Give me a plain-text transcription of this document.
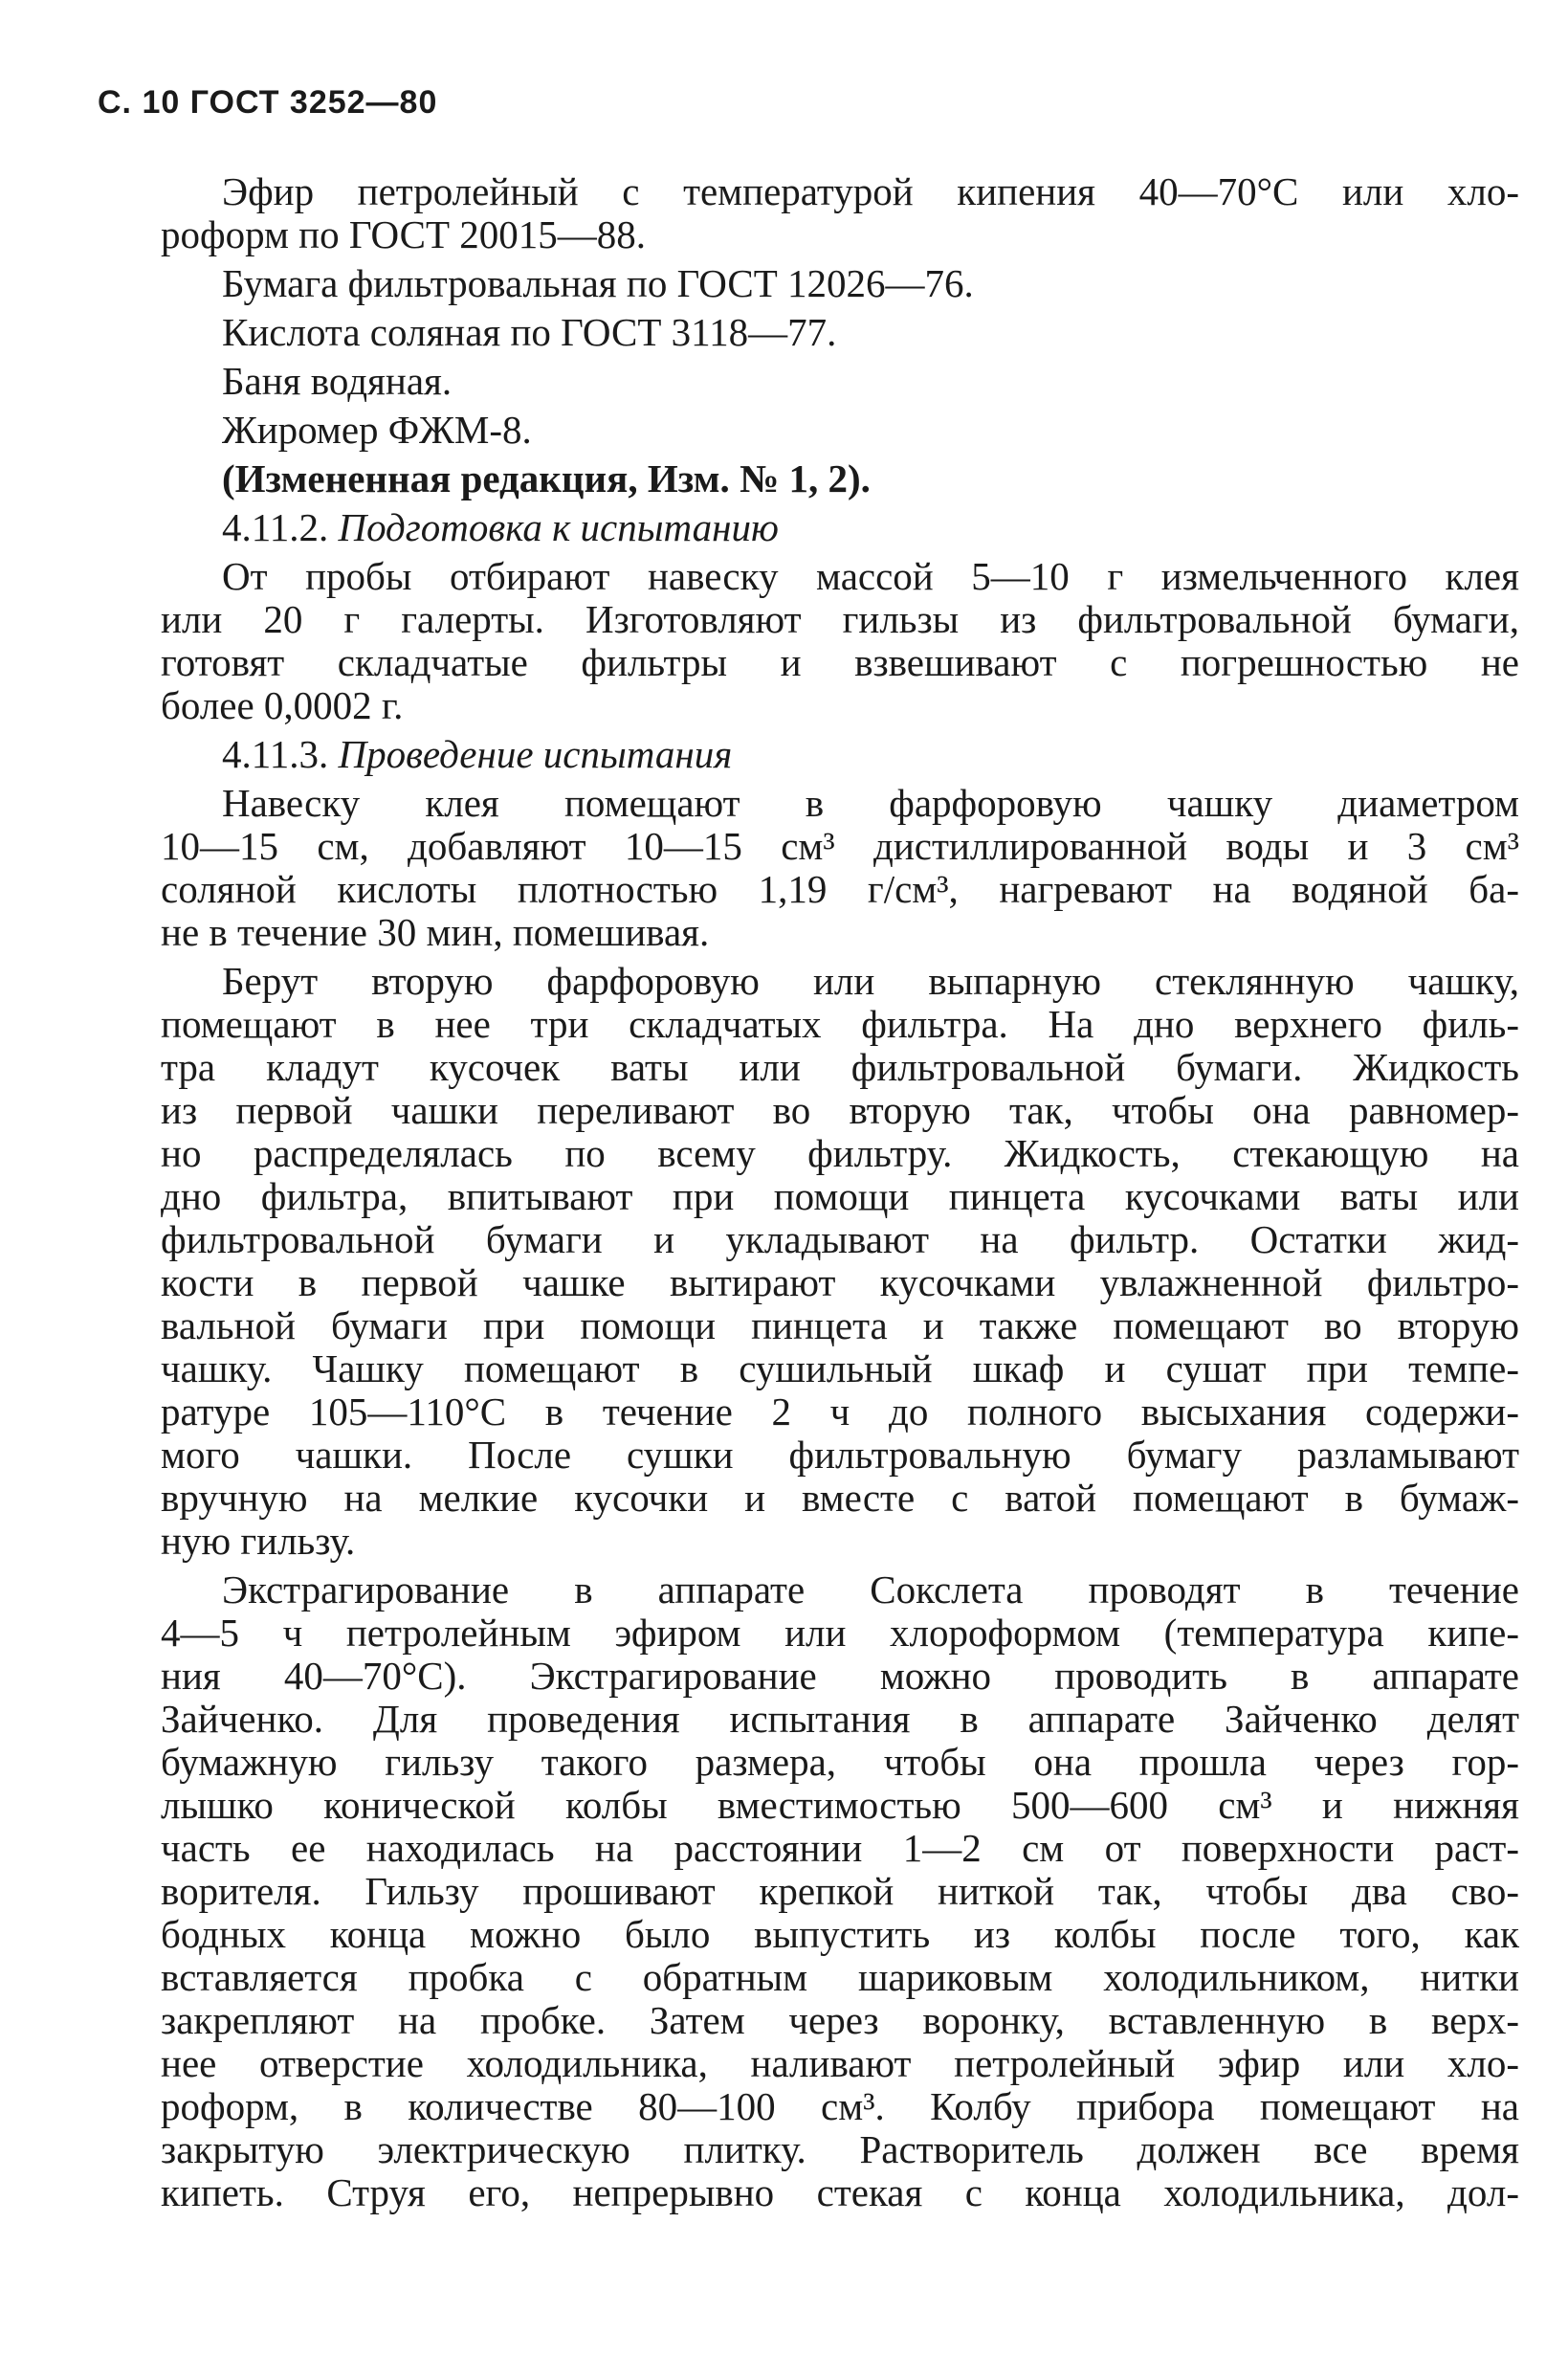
С. 10 ГОСТ 3252—80
Эфир петролейный с температурой кипения 40—70°С или хло-
роформ по ГОСТ 20015—88.
Бумага фильтровальная по ГОСТ 12026—76.
Кислота соляная по ГОСТ 3118—77.
Баня водяная.
Жиромер ФЖМ-8.
(Измененная редакция, Изм. № 1, 2).
4.11.2. Подготовка к испытанию
От пробы отбирают навеску массой 5—10 г измельченного клея
или 20 г галерты. Изготовляют гильзы из фильтровальной бумаги,
готовят складчатые фильтры и взвешивают с погрешностью не
более 0,0002 г.
4.11.3. Проведение испытания
Навеску клея помещают в фарфоровую чашку диаметром
10—15 см, добавляют 10—15 см³ дистиллированной воды и 3 см³
соляной кислоты плотностью 1,19 г/см³, нагревают на водяной ба-
не в течение 30 мин, помешивая.
Берут вторую фарфоровую или выпарную стеклянную чашку,
помещают в нее три складчатых фильтра. На дно верхнего филь-
тра кладут кусочек ваты или фильтровальной бумаги. Жидкость
из первой чашки переливают во вторую так, чтобы она равномер-
но распределялась по всему фильтру. Жидкость, стекающую на
дно фильтра, впитывают при помощи пинцета кусочками ваты или
фильтровальной бумаги и укладывают на фильтр. Остатки жид-
кости в первой чашке вытирают кусочками увлажненной фильтро-
вальной бумаги при помощи пинцета и также помещают во вторую
чашку. Чашку помещают в сушильный шкаф и сушат при темпе-
ратуре 105—110°С в течение 2 ч до полного высыхания содержи-
мого чашки. После сушки фильтровальную бумагу разламывают
вручную на мелкие кусочки и вместе с ватой помещают в бумаж-
ную гильзу.
Экстрагирование в аппарате Сокслета проводят в течение
4—5 ч петролейным эфиром или хлороформом (температура кипе-
ния 40—70°С). Экстрагирование можно проводить в аппарате
Зайченко. Для проведения испытания в аппарате Зайченко делят
бумажную гильзу такого размера, чтобы она прошла через гор-
лышко конической колбы вместимостью 500—600 см³ и нижняя
часть ее находилась на расстоянии 1—2 см от поверхности раст-
ворителя. Гильзу прошивают крепкой ниткой так, чтобы два сво-
бодных конца можно было выпустить из колбы после того, как
вставляется пробка с обратным шариковым холодильником, нитки
закрепляют на пробке. Затем через воронку, вставленную в верх-
нее отверстие холодильника, наливают петролейный эфир или хло-
роформ, в количестве 80—100 см³. Колбу прибора помещают на
закрытую электрическую плитку. Растворитель должен все время
кипеть. Струя его, непрерывно стекая с конца холодильника, дол-
